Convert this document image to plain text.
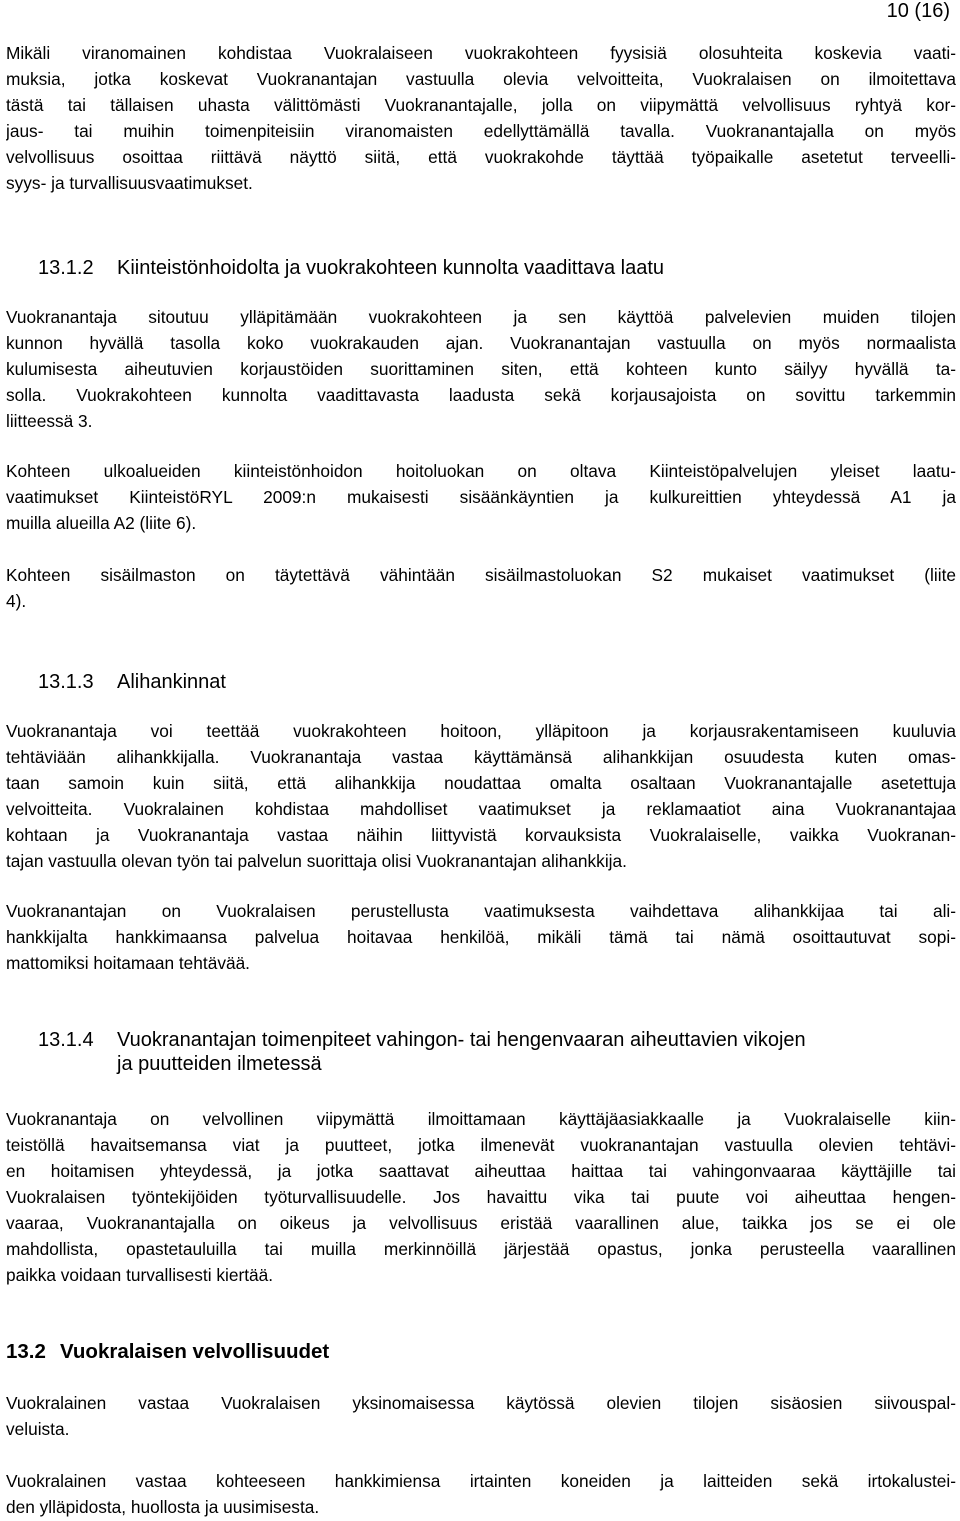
10 (16)
Mikäli viranomainen kohdistaa Vuokralaiseen vuokrakohteen fyysisiä olosuhteita koskevia vaati-
muksia, jotka koskevat Vuokranantajan vastuulla olevia velvoitteita, Vuokralaisen on ilmoitettava
tästä tai tällaisen uhasta välittömästi Vuokranantajalle, jolla on viipymättä velvollisuus ryhtyä kor-
jaus- tai muihin toimenpiteisiin viranomaisten edellyttämällä tavalla. Vuokranantajalla on myös
velvollisuus osoittaa riittävä näyttö siitä, että vuokrakohde täyttää työpaikalle asetetut terveelli-
syys- ja turvallisuusvaatimukset.
13.1.2 Kiinteistönhoidolta ja vuokrakohteen kunnolta vaadittava laatu
Vuokranantaja sitoutuu ylläpitämään vuokrakohteen ja sen käyttöä palvelevien muiden tilojen
kunnon hyvällä tasolla koko vuokrakauden ajan. Vuokranantajan vastuulla on myös normaalista
kulumisesta aiheutuvien korjaustöiden suorittaminen siten, että kohteen kunto säilyy hyvällä ta-
solla. Vuokrakohteen kunnolta vaadittavasta laadusta sekä korjausajoista on sovittu tarkemmin
liitteessä 3.
Kohteen ulkoalueiden kiinteistönhoidon hoitoluokan on oltava Kiinteistöpalvelujen yleiset laatu-
vaatimukset KiinteistöRYL 2009:n mukaisesti sisäänkäyntien ja kulkureittien yhteydessä A1 ja
muilla alueilla A2 (liite 6).
Kohteen sisäilmaston on täytettävä vähintään sisäilmastoluokan S2 mukaiset vaatimukset (liite
4).
13.1.3 Alihankinnat
Vuokranantaja voi teettää vuokrakohteen hoitoon, ylläpitoon ja korjausrakentamiseen kuuluvia
tehtäviään alihankkijalla. Vuokranantaja vastaa käyttämänsä alihankkijan osuudesta kuten omas-
taan samoin kuin siitä, että alihankkija noudattaa omalta osaltaan Vuokranantajalle asetettuja
velvoitteita. Vuokralainen kohdistaa mahdolliset vaatimukset ja reklamaatiot aina Vuokranantajaa
kohtaan ja Vuokranantaja vastaa näihin liittyvistä korvauksista Vuokralaiselle, vaikka Vuokranan-
tajan vastuulla olevan työn tai palvelun suorittaja olisi Vuokranantajan alihankkija.
Vuokranantajan on Vuokralaisen perustellusta vaatimuksesta vaihdettava alihankkijaa tai ali-
hankkijalta hankkimaansa palvelua hoitavaa henkilöä, mikäli tämä tai nämä osoittautuvat sopi-
mattomiksi hoitamaan tehtävää.
13.1.4 Vuokranantajan toimenpiteet vahingon- tai hengenvaaran aiheuttavien vikojen
ja puutteiden ilmetessä
Vuokranantaja on velvollinen viipymättä ilmoittamaan käyttäjäasiakkaalle ja Vuokralaiselle kiin-
teistöllä havaitsemansa viat ja puutteet, jotka ilmenevät vuokranantajan vastuulla olevien tehtävi-
en hoitamisen yhteydessä, ja jotka saattavat aiheuttaa haittaa tai vahingonvaaraa käyttäjille tai
Vuokralaisen työntekijöiden työturvallisuudelle. Jos havaittu vika tai puute voi aiheuttaa hengen-
vaaraa, Vuokranantajalla on oikeus ja velvollisuus eristää vaarallinen alue, taikka jos se ei ole
mahdollista, opastetauluilla tai muilla merkinnöillä järjestää opastus, jonka perusteella vaarallinen
paikka voidaan turvallisesti kiertää.
13.2 Vuokralaisen velvollisuudet
Vuokralainen vastaa Vuokralaisen yksinomaisessa käytössä olevien tilojen sisäosien siivouspal-
veluista.
Vuokralainen vastaa kohteeseen hankkimiensa irtainten koneiden ja laitteiden sekä irtokalustei-
den ylläpidosta, huollosta ja uusimisesta.
